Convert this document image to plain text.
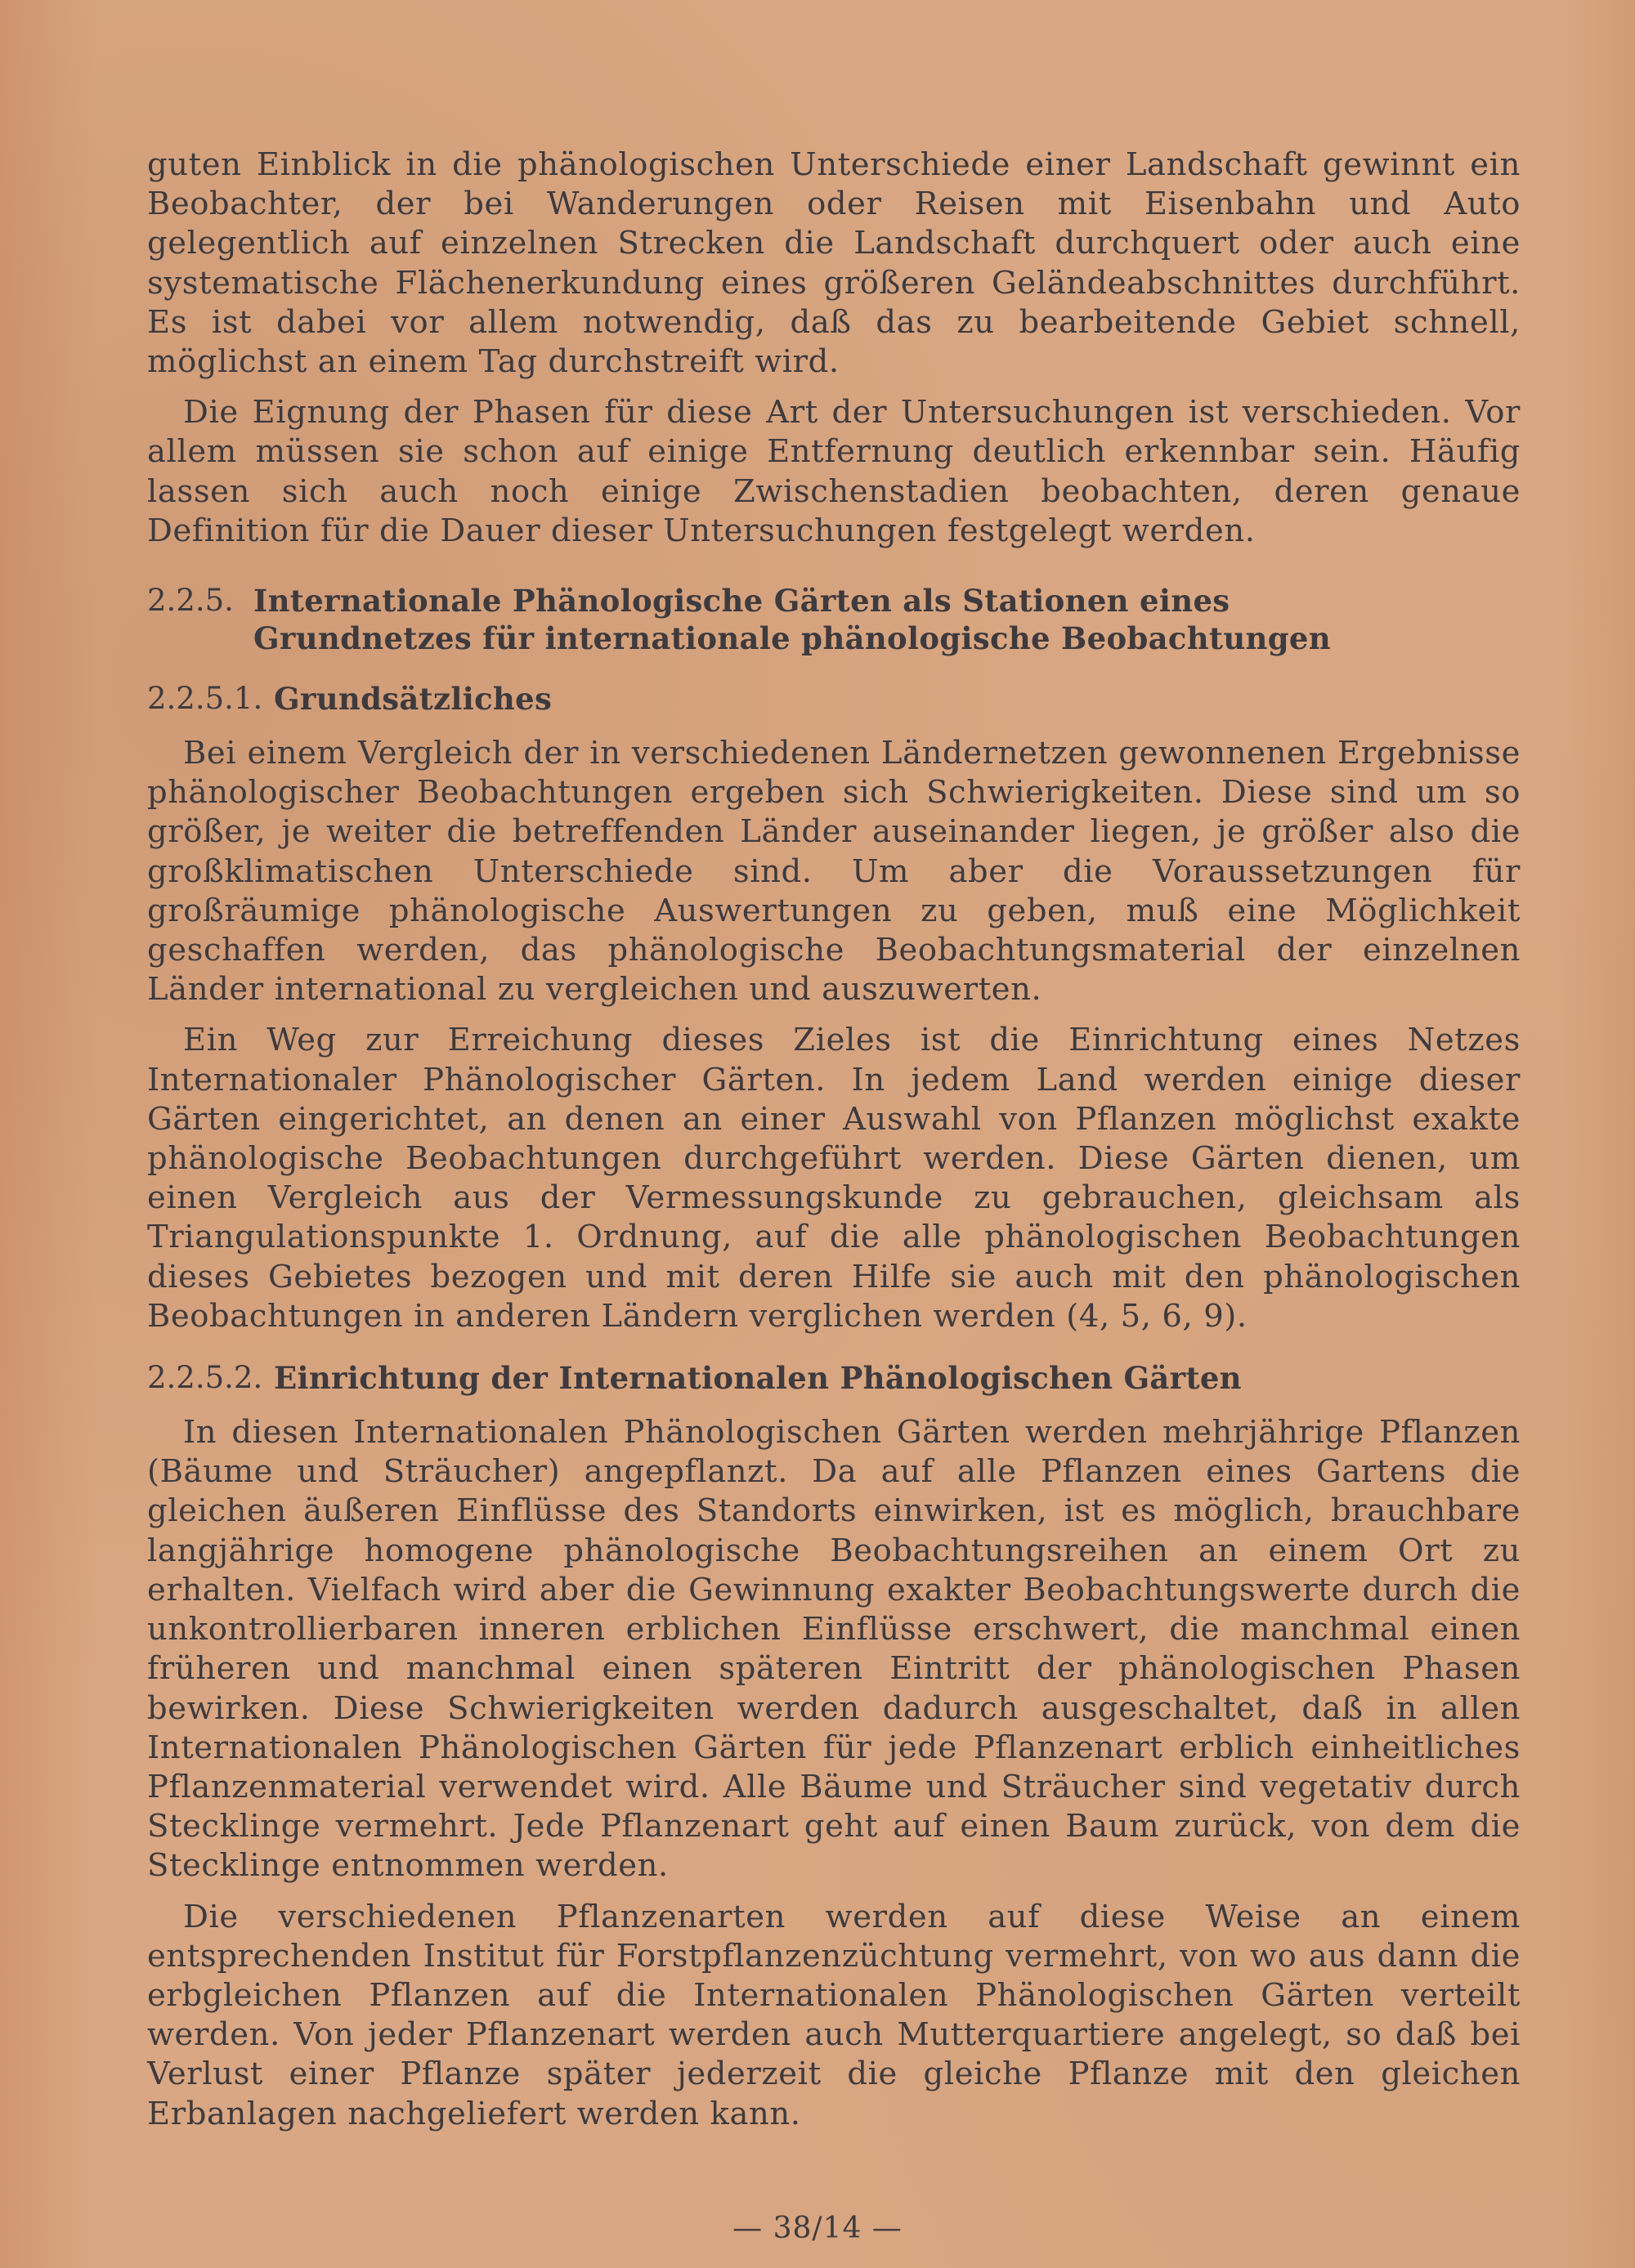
guten Einblick in die phänologischen Unterschiede einer Landschaft gewinnt ein Beobachter, der bei Wanderungen oder Reisen mit Eisenbahn und Auto gelegentlich auf einzelnen Strecken die Landschaft durchquert oder auch eine systematische Flächenerkundung eines größeren Geländeabschnittes durchführt. Es ist dabei vor allem notwendig, daß das zu bearbeitende Gebiet schnell, möglichst an einem Tag durchstreift wird.

Die Eignung der Phasen für diese Art der Untersuchungen ist verschieden. Vor allem müssen sie schon auf einige Entfernung deutlich erkennbar sein. Häufig lassen sich auch noch einige Zwischenstadien beobachten, deren genaue Definition für die Dauer dieser Untersuchungen festgelegt werden.

2.2.5. Internationale Phänologische Gärten als Stationen eines Grundnetzes für internationale phänologische Beobachtungen
2.2.5.1. Grundsätzliches

Bei einem Vergleich der in verschiedenen Ländernetzen gewonnenen Ergebnisse phänologischer Beobachtungen ergeben sich Schwierigkeiten. Diese sind um so größer, je weiter die betreffenden Länder auseinander liegen, je größer also die großklimatischen Unterschiede sind. Um aber die Voraussetzungen für großräumige phänologische Auswertungen zu geben, muß eine Möglichkeit geschaffen werden, das phänologische Beobachtungsmaterial der einzelnen Länder international zu vergleichen und auszuwerten.

Ein Weg zur Erreichung dieses Zieles ist die Einrichtung eines Netzes Internationaler Phänologischer Gärten. In jedem Land werden einige dieser Gärten eingerichtet, an denen an einer Auswahl von Pflanzen möglichst exakte phänologische Beobachtungen durchgeführt werden. Diese Gärten dienen, um einen Vergleich aus der Vermessungskunde zu gebrauchen, gleichsam als Triangulationspunkte 1. Ordnung, auf die alle phänologischen Beobachtungen dieses Gebietes bezogen und mit deren Hilfe sie auch mit den phänologischen Beobachtungen in anderen Ländern verglichen werden (4, 5, 6, 9).

2.2.5.2. Einrichtung der Internationalen Phänologischen Gärten

In diesen Internationalen Phänologischen Gärten werden mehrjährige Pflanzen (Bäume und Sträucher) angepflanzt. Da auf alle Pflanzen eines Gartens die gleichen äußeren Einflüsse des Standorts einwirken, ist es möglich, brauchbare langjährige homogene phänologische Beobachtungsreihen an einem Ort zu erhalten. Vielfach wird aber die Gewinnung exakter Beobachtungswerte durch die unkontrollierbaren inneren erblichen Einflüsse erschwert, die manchmal einen früheren und manchmal einen späteren Eintritt der phänologischen Phasen bewirken. Diese Schwierigkeiten werden dadurch ausgeschaltet, daß in allen Internationalen Phänologischen Gärten für jede Pflanzenart erblich einheitliches Pflanzenmaterial verwendet wird. Alle Bäume und Sträucher sind vegetativ durch Stecklinge vermehrt. Jede Pflanzenart geht auf einen Baum zurück, von dem die Stecklinge entnommen werden.

Die verschiedenen Pflanzenarten werden auf diese Weise an einem entsprechenden Institut für Forstpflanzenzüchtung vermehrt, von wo aus dann die erbgleichen Pflanzen auf die Internationalen Phänologischen Gärten verteilt werden. Von jeder Pflanzenart werden auch Mutterquartiere angelegt, so daß bei Verlust einer Pflanze später jederzeit die gleiche Pflanze mit den gleichen Erbanlagen nachgeliefert werden kann.

— 38/14 —
